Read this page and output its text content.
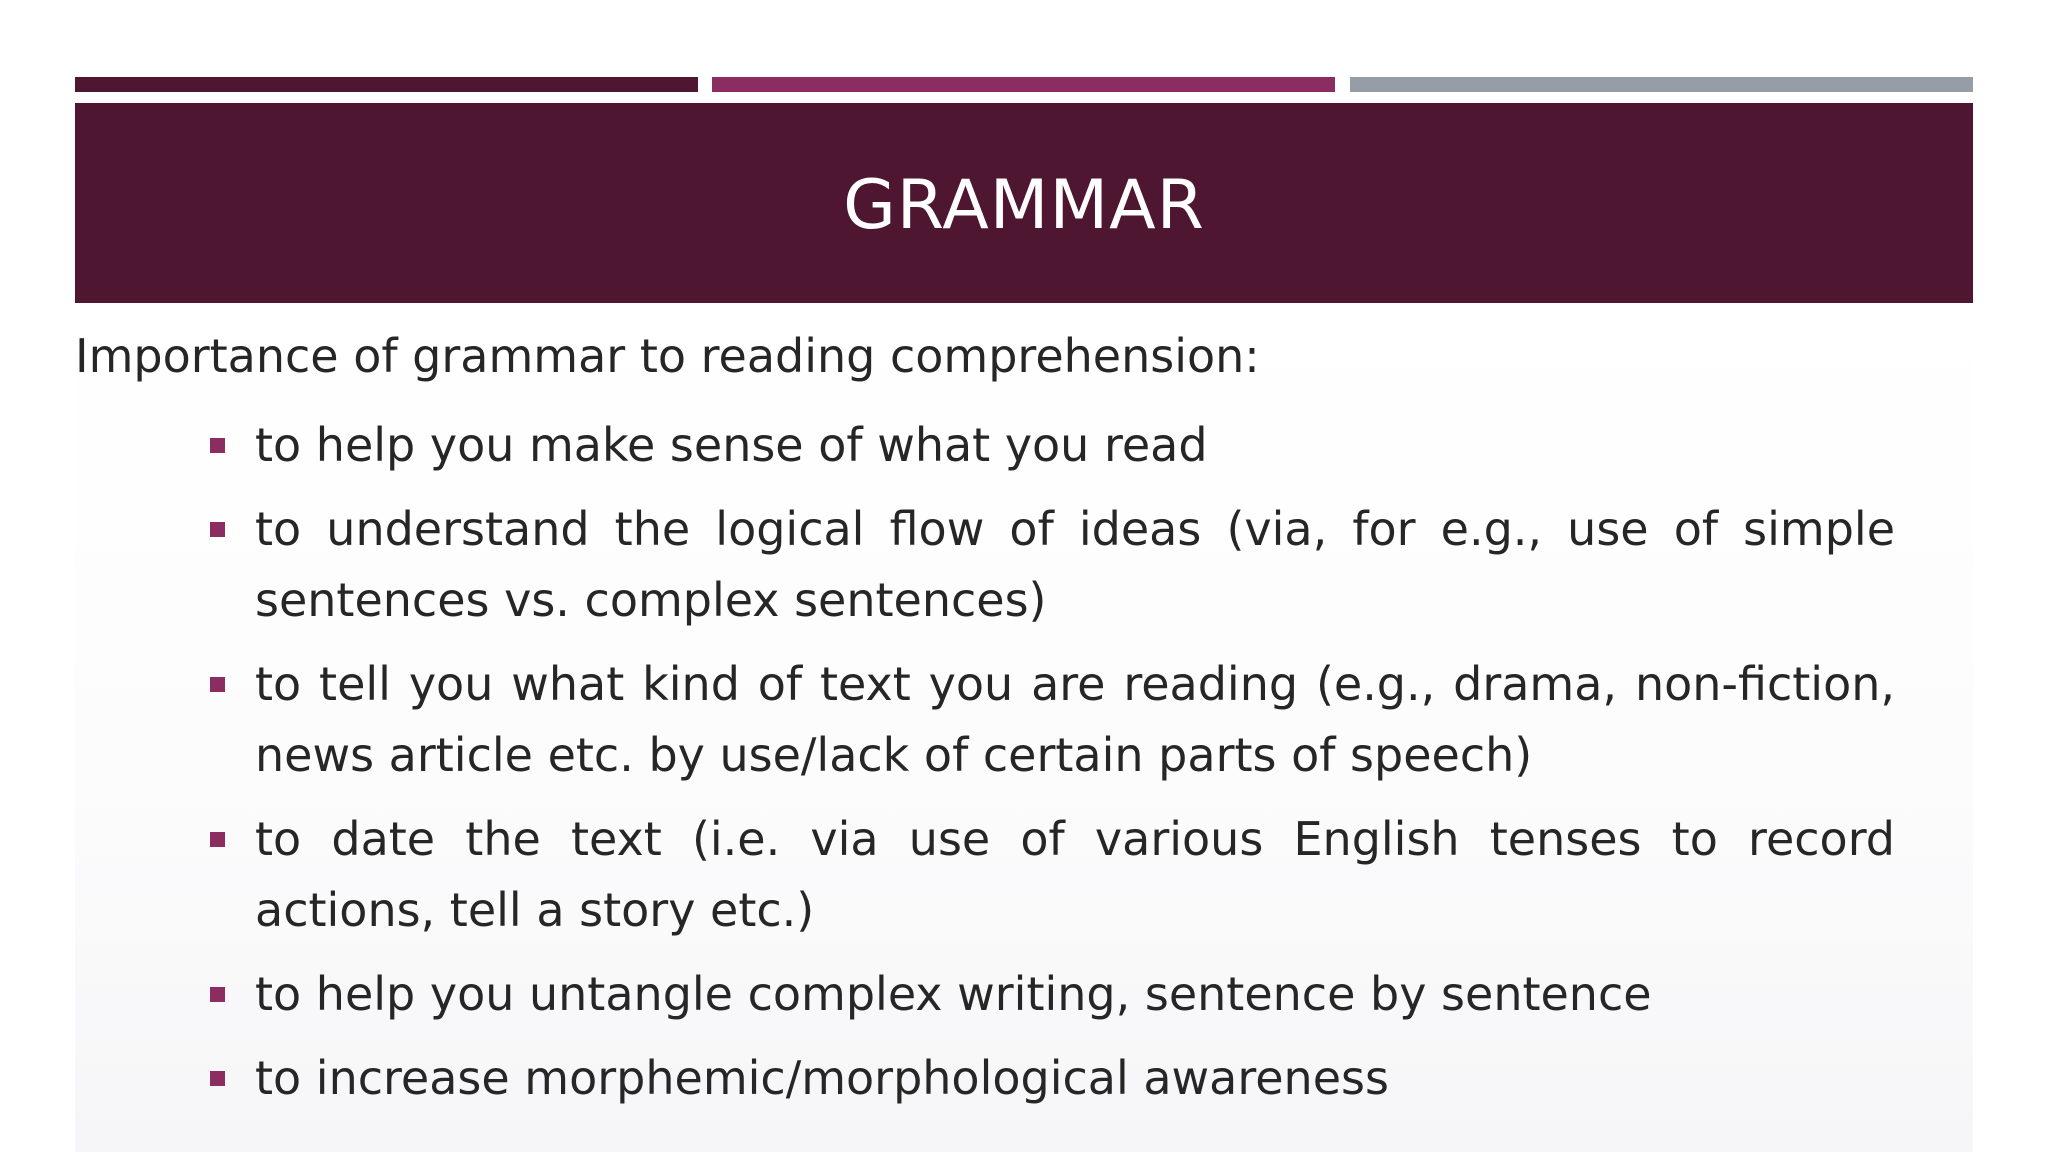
GRAMMAR

Importance of grammar to reading comprehension:

to help you make sense of what you read
to understand the logical flow of ideas (via, for e.g., use of simple sentences vs. complex sentences)
to tell you what kind of text you are reading (e.g., drama, non-fiction, news article etc. by use/lack of certain parts of speech)
to date the text (i.e. via use of various English tenses to record actions, tell a story etc.)
to help you untangle complex writing, sentence by sentence
to increase morphemic/morphological awareness
